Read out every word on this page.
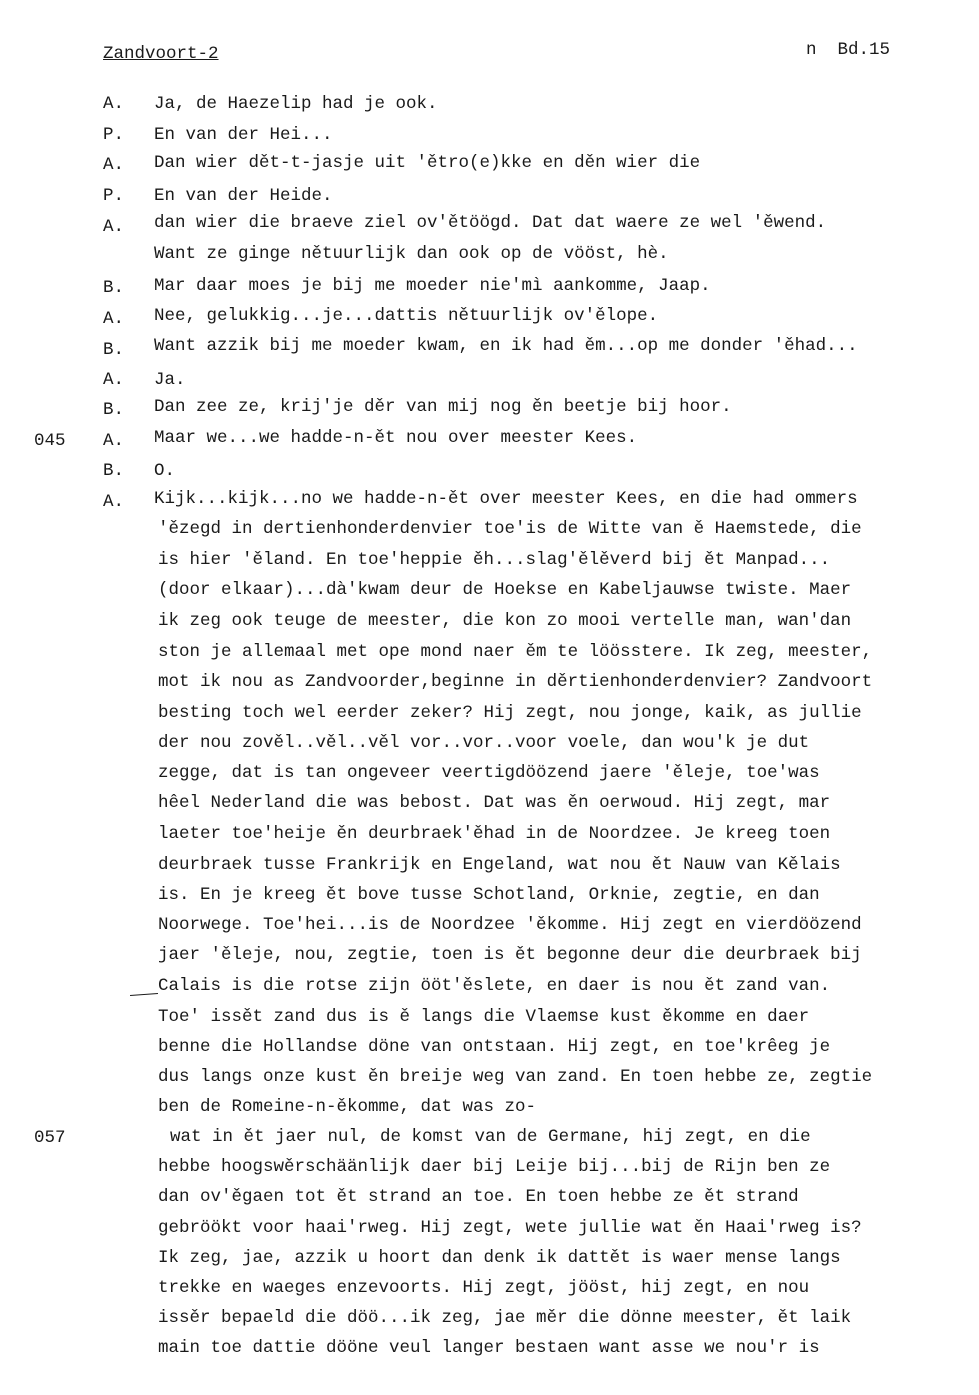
Zandvoort-2	n  Bd.15
A. Ja, de Haezelip had je ook.
P. En van der Hei...
A. Dan wier dět-t-jasje uit 'ětro(e)kke en děn wier die
P. En van der Heide.
A. dan wier die braeve ziel ov'ětöögd. Dat dat waere ze wel 'ěwend.
Want ze ginge nětuurlijk dan ook op de vööst, hè.
B. Mar daar moes je bij me moeder nie'mì aankomme, Jaap.
A. Nee, gelukkig...je...dattis nětuurlijk ov'ělope.
B. Want azzik bij me moeder kwam, en ik had ěm...op me donder 'ěhad...
A. Ja.
B. Dan zee ze, krij'je děr van mij nog ěn beetje bij hoor.
045 A. Maar we...we hadde-n-ět nou over meester Kees.
B. O.
A. Kijk...kijk...no we hadde-n-ět over meester Kees, en die had ommers
'ězegd in dertienhonderdenvier toe'is de Witte van ě Haemstede, die
is hier 'ěland. En toe'heppie ěh...slag'ělěverd bij ět Manpad...
(door elkaar)...dà'kwam deur de Hoekse en Kabeljauwse twiste. Maer
ik zeg ook teuge de meester, die kon zo mooi vertelle man, wan'dan
ston je allemaal met ope mond naer ěm te löösstere. Ik zeg, meester,
mot ik nou as Zandvoorder,beginne in děrtienhonderdenvier? Zandvoort
besting toch wel eerder zeker? Hij zegt, nou jonge, kaik, as jullie
der nou zověl..věl..věl vor..vor..voor voele, dan wou'k je dut
zegge, dat is tan ongeveer veertigdöözend jaere 'ěleje, toe'was
hêel Nederland die was bebost. Dat was ěn oerwoud. Hij zegt, mar
laeter toe'heije ěn deurbraek'ěhad in de Noordzee. Je kreeg toen
deurbraek tusse Frankrijk en Engeland, wat nou ět Nauw van Kělais
is. En je kreeg ět bove tusse Schotland, Orknie, zegtie, en dan
Noorwege. Toe'hei...is de Noordzee 'ěkomme. Hij zegt en vierdöözend
jaer 'ěleje, nou, zegtie, toen is ět begonne deur die deurbraek bij
Calais is die rotse zijn ööt'ěslete, en daer is nou ět zand van.
Toe' issět zand dus is ě langs die Vlaemse kust ěkomme en daer
benne die Hollandse döne van ontstaan. Hij zegt, en toe'krêeg je
dus langs onze kust ěn breije weg van zand. En toen hebbe ze, zegtie
ben de Romeine-n-ěkomme, dat was zo-
057	wat in ět jaer nul, de komst van de Germane, hij zegt, en die
hebbe hoogswěrschäänlijk daer bij Leije bij...bij de Rijn ben ze
dan ov'ěgaen tot ět strand an toe. En toen hebbe ze ět strand
gebröökt voor haai'rweg. Hij zegt, wete jullie wat ěn Haai'rweg is?
Ik zeg, jae, azzik u hoort dan denk ik dattět is waer mense langs
trekke en waeges enzevoorts. Hij zegt, jööst, hij zegt, en nou
issěr bepaeld die döö...ik zeg, jae měr die dönne meester, ět laik
main toe dattie dööne veul langer bestaen want asse we nou'r is
